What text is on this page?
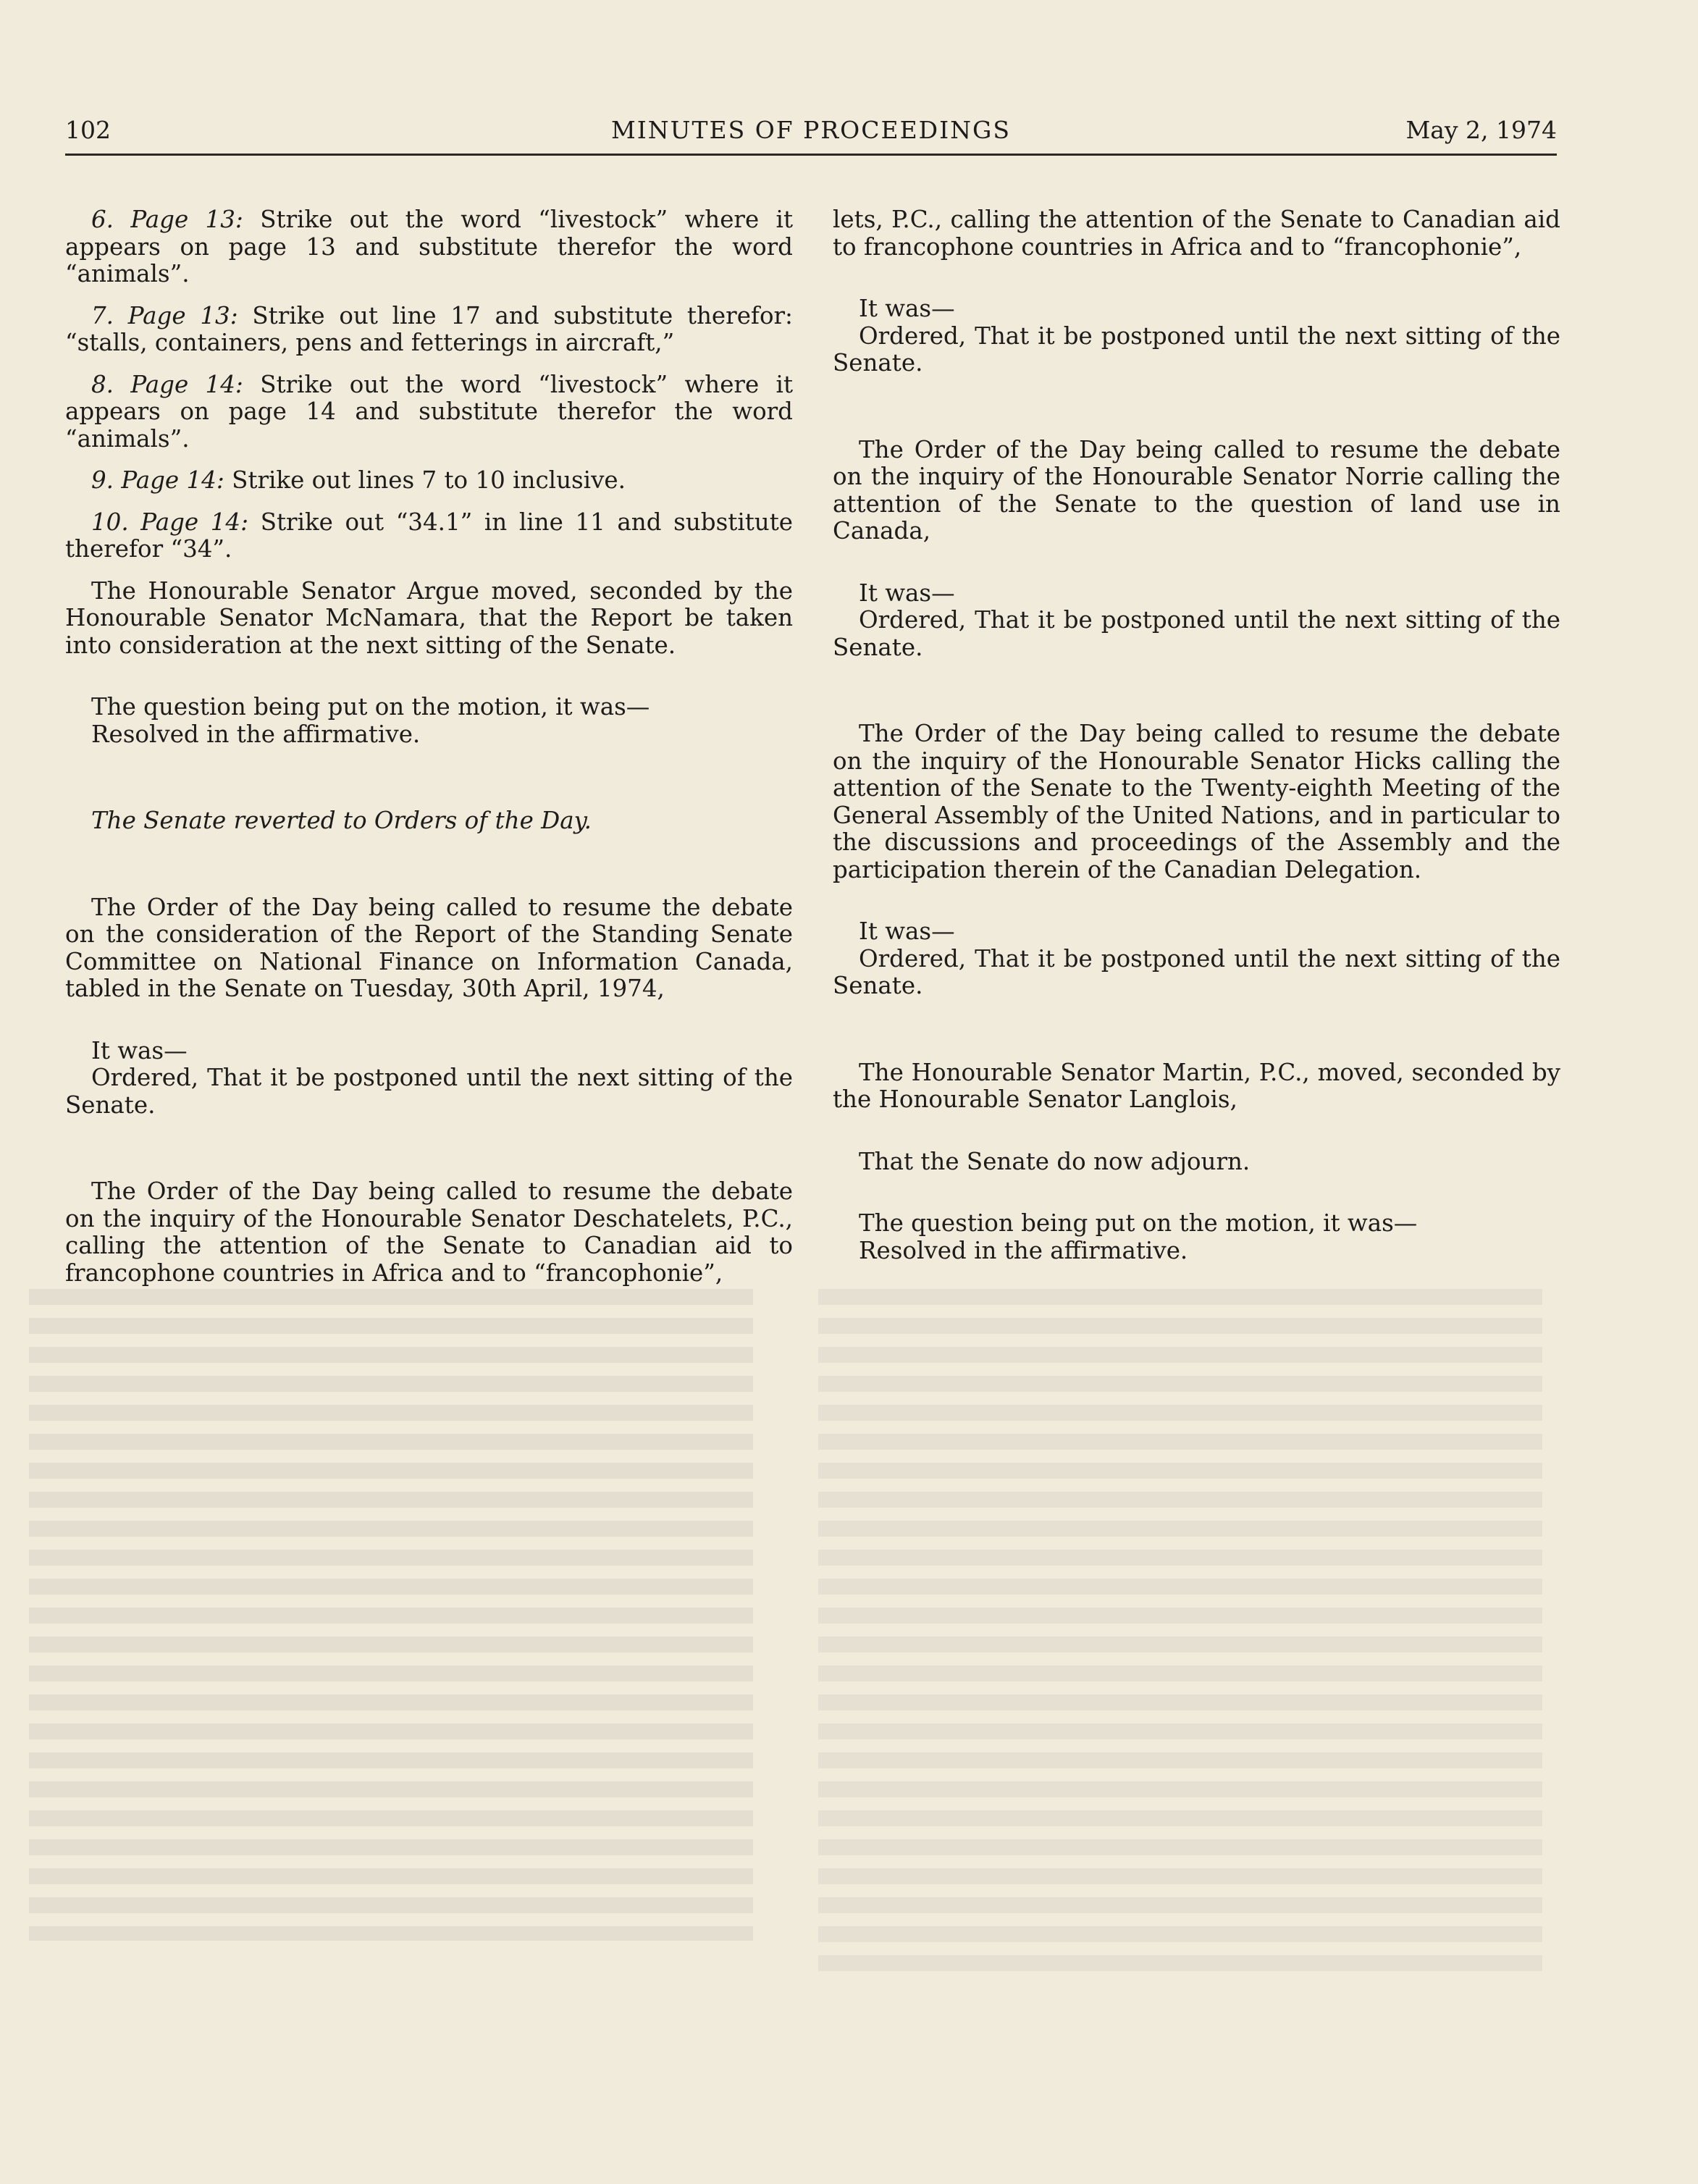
102	MINUTES OF PROCEEDINGS	May 2, 1974

6. Page 13: Strike out the word “livestock” where it appears on page 13 and substitute therefor the word “animals”.

7. Page 13: Strike out line 17 and substitute therefor: “stalls, containers, pens and fetterings in aircraft,”

8. Page 14: Strike out the word “livestock” where it appears on page 14 and substitute therefor the word “animals”.

9. Page 14: Strike out lines 7 to 10 inclusive.

10. Page 14: Strike out “34.1” in line 11 and substitute therefor “34”.

The Honourable Senator Argue moved, seconded by the Honourable Senator McNamara, that the Report be taken into consideration at the next sitting of the Senate.

The question being put on the motion, it was—

Resolved in the affirmative.

The Senate reverted to Orders of the Day.

The Order of the Day being called to resume the debate on the consideration of the Report of the Standing Senate Committee on National Finance on Information Canada, tabled in the Senate on Tuesday, 30th April, 1974,

It was—

Ordered, That it be postponed until the next sitting of the Senate.

The Order of the Day being called to resume the debate on the inquiry of the Honourable Senator Deschatelets, P.C., calling the attention of the Senate to Canadian aid to francophone countries in Africa and to “francophonie”,

lets, P.C., calling the attention of the Senate to Canadian aid to francophone countries in Africa and to “francophonie”,

It was—

Ordered, That it be postponed until the next sitting of the Senate.

The Order of the Day being called to resume the debate on the inquiry of the Honourable Senator Norrie calling the attention of the Senate to the question of land use in Canada,

It was—

Ordered, That it be postponed until the next sitting of the Senate.

The Order of the Day being called to resume the debate on the inquiry of the Honourable Senator Hicks calling the attention of the Senate to the Twenty-eighth Meeting of the General Assembly of the United Nations, and in particular to the discussions and proceedings of the Assembly and the participation therein of the Canadian Delegation.

It was—

Ordered, That it be postponed until the next sitting of the Senate.

The Honourable Senator Martin, P.C., moved, seconded by the Honourable Senator Langlois,

That the Senate do now adjourn.

The question being put on the motion, it was—

Resolved in the affirmative.
